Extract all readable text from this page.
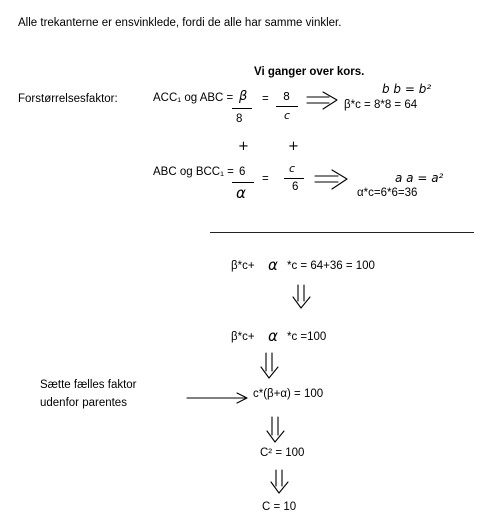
Alle trekanterne er ensvinklede, fordi de alle har samme vinkler.
Vi ganger over kors.
Forstørrelsesfaktor:	ACC₁ og ABC = β
8
= 8
c
β*c = 8*8 = 64
b b = b²
+	+
ABC og BCC₁ = 6
α
=
c
6	α*c=6*6=36
a a = a²
β*c+ α *c = 64+36 = 100
β*c+ α *c =100
Sætte fælles faktor
udenfor parentes
c*(β+α) = 100
C² = 100
C = 10
